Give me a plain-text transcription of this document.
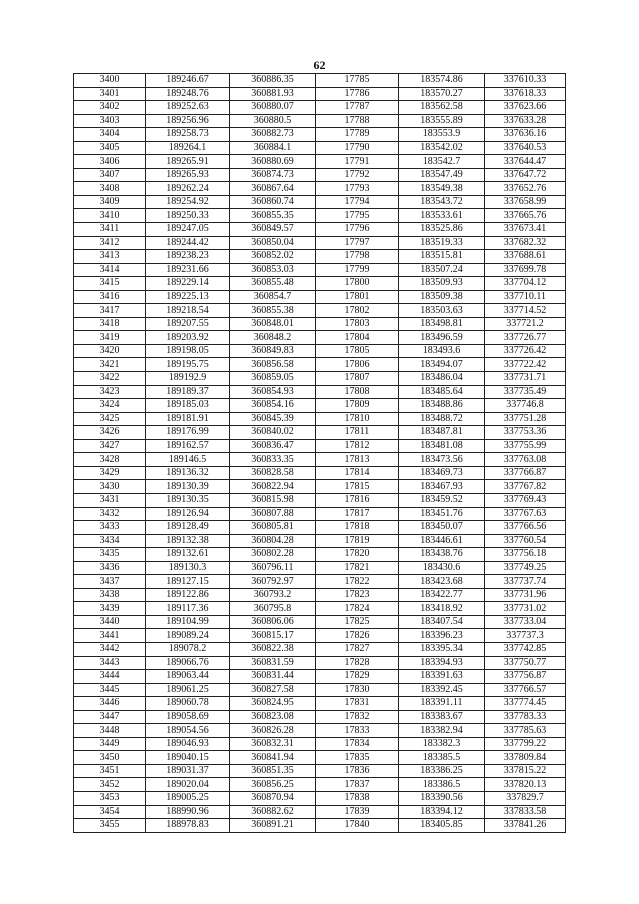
62
3400	189246.67	360886.35	17785	183574.86	337610.33
3401	189248.76	360881.93	17786	183570.27	337618.33
3402	189252.63	360880.07	17787	183562.58	337623.66
3403	189256.96	360880.5	17788	183555.89	337633.28
3404	189258.73	360882.73	17789	183553.9	337636.16
3405	189264.1	360884.1	17790	183542.02	337640.53
3406	189265.91	360880.69	17791	183542.7	337644.47
3407	189265.93	360874.73	17792	183547.49	337647.72
3408	189262.24	360867.64	17793	183549.38	337652.76
3409	189254.92	360860.74	17794	183543.72	337658.99
3410	189250.33	360855.35	17795	183533.61	337665.76
3411	189247.05	360849.57	17796	183525.86	337673.41
3412	189244.42	360850.04	17797	183519.33	337682.32
3413	189238.23	360852.02	17798	183515.81	337688.61
3414	189231.66	360853.03	17799	183507.24	337699.78
3415	189229.14	360855.48	17800	183509.93	337704.12
3416	189225.13	360854.7	17801	183509.38	337710.11
3417	189218.54	360855.38	17802	183503.63	337714.52
3418	189207.55	360848.01	17803	183498.81	337721.2
3419	189203.92	360848.2	17804	183496.59	337726.77
3420	189198.05	360849.83	17805	183493.6	337726.42
3421	189195.75	360856.58	17806	183494.07	337722.42
3422	189192.9	360859.05	17807	183486.04	337731.71
3423	189189.37	360854.93	17808	183485.64	337735.49
3424	189185.03	360854.16	17809	183488.86	337746.8
3425	189181.91	360845.39	17810	183488.72	337751.28
3426	189176.99	360840.02	17811	183487.81	337753.36
3427	189162.57	360836.47	17812	183481.08	337755.99
3428	189146.5	360833.35	17813	183473.56	337763.08
3429	189136.32	360828.58	17814	183469.73	337766.87
3430	189130.39	360822.94	17815	183467.93	337767.82
3431	189130.35	360815.98	17816	183459.52	337769.43
3432	189126.94	360807.88	17817	183451.76	337767.63
3433	189128.49	360805.81	17818	183450.07	337766.56
3434	189132.38	360804.28	17819	183446.61	337760.54
3435	189132.61	360802.28	17820	183438.76	337756.18
3436	189130.3	360796.11	17821	183430.6	337749.25
3437	189127.15	360792.97	17822	183423.68	337737.74
3438	189122.86	360793.2	17823	183422.77	337731.96
3439	189117.36	360795.8	17824	183418.92	337731.02
3440	189104.99	360806.06	17825	183407.54	337733.04
3441	189089.24	360815.17	17826	183396.23	337737.3
3442	189078.2	360822.38	17827	183395.34	337742.85
3443	189066.76	360831.59	17828	183394.93	337750.77
3444	189063.44	360831.44	17829	183391.63	337756.87
3445	189061.25	360827.58	17830	183392.45	337766.57
3446	189060.78	360824.95	17831	183391.11	337774.45
3447	189058.69	360823.08	17832	183383.67	337783.33
3448	189054.56	360826.28	17833	183382.94	337785.63
3449	189046.93	360832.31	17834	183382.3	337799.22
3450	189040.15	360841.94	17835	183385.5	337809.84
3451	189031.37	360851.35	17836	183386.25	337815.22
3452	189020.04	360856.25	17837	183386.5	337820.13
3453	189005.25	360870.94	17838	183390.56	337829.7
3454	188990.96	360882.62	17839	183394.12	337833.58
3455	188978.83	360891.21	17840	183405.85	337841.26
